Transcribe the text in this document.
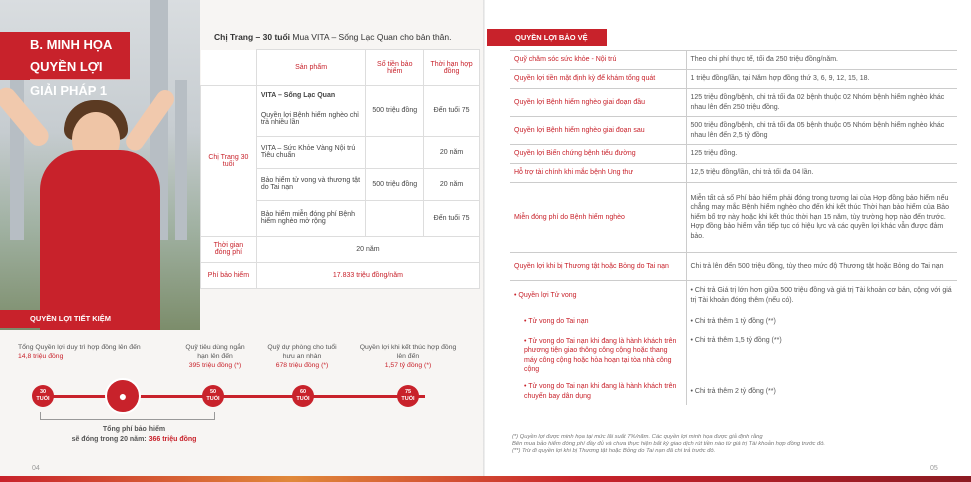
B. MINH HỌA QUYỀN LỢI
GIẢI PHÁP 1
Chị Trang – 30 tuổi Mua VITA – Sống Lạc Quan cho bản thân.
	Sản phẩm	Số tiền bảo hiểm	Thời hạn hợp đồng
Chị Trang 30 tuổi	VITA – Sống Lạc Quan	500 triệu đồng	Đến tuổi 75
	Quyền lợi Bệnh hiểm nghèo chỉ trả nhiều lần		
	VITA – Sức Khỏe Vàng Nội trú Tiêu chuẩn		20 năm
	Bảo hiểm tử vong và thương tật do Tai nạn	500 triệu đồng	20 năm
	Bảo hiểm miễn đóng phí Bệnh hiểm nghèo mở rộng		Đến tuổi 75
Thời gian đóng phí	20 năm		
Phí bảo hiểm	17.833 triệu đồng/năm		
QUYỀN LỢI TIẾT KIỆM
Tổng Quyền lợi duy trì hợp đồng lên đến
14,8 triệu đồng
Quỹ tiêu dùng ngắn hạn lên đến
395 triệu đồng (*)
Quỹ dự phòng cho tuổi hưu an nhàn
678 triệu đồng (*)
Quyền lợi khi kết thúc hợp đồng lên đến
1,57 tỷ đồng (*)
●
30
TUỔI
50
TUỔI
60
TUỔI
75
TUỔI
Tổng phí bảo hiểm
sẽ đóng trong 20 năm: 366 triệu đồng
04
QUYỀN LỢI BẢO VỆ
Quỹ chăm sóc sức khỏe - Nội trú	Theo chi phí thực tế, tối đa 250 triệu đồng/năm.
Quyền lợi tiền mặt định kỳ để khám tổng quát	1 triệu đồng/lần, tại Năm hợp đồng thứ 3, 6, 9, 12, 15, 18.
Quyền lợi Bệnh hiểm nghèo giai đoạn đầu	125 triệu đồng/bệnh, chi trả tối đa 02 bệnh thuộc 02 Nhóm bệnh hiểm nghèo khác nhau lên đến 250 triệu đồng.
Quyền lợi Bệnh hiểm nghèo giai đoạn sau	500 triệu đồng/bệnh, chi trả tối đa 05 bệnh thuộc 05 Nhóm bệnh hiểm nghèo khác nhau lên đến 2,5 tỷ đồng
Quyền lợi Biến chứng bệnh tiểu đường	125 triệu đồng.
Hỗ trợ tài chính khi mắc bệnh Ung thư	12,5 triệu đồng/lần, chi trả tối đa 04 lần.
Miễn đóng phí do Bệnh hiểm nghèo	Miễn tất cả số Phí bảo hiểm phải đóng trong tương lai của Hợp đồng bảo hiểm nếu chẳng may mắc Bệnh hiểm nghèo cho đến khi kết thúc Thời hạn bảo hiểm của Bảo hiểm bổ trợ này hoặc khi kết thúc thời hạn 15 năm, tùy trường hợp nào đến trước. Hợp đồng bảo hiểm vẫn tiếp tục có hiệu lực và các quyền lợi khác vẫn được đảm bảo.
Quyền lợi khi bị Thương tật hoặc Bỏng do Tai nạn	Chi trả lên đến 500 triệu đồng, tùy theo mức độ Thương tật hoặc Bỏng do Tai nạn
• Quyền lợi Tử vong	• Chi trả Giá trị lớn hơn giữa 500 triệu đồng và giá trị Tài khoản cơ bản, cộng với giá trị Tài khoản đóng thêm (nếu có).
• Tử vong do Tai nạn	• Chi trả thêm 1 tỷ đồng (**)
• Tử vong do Tai nạn khi đang là hành khách trên phương tiện giao thông công cộng hoặc thang máy công cộng hoặc hỏa hoạn tại tòa nhà công cộng	• Chi trả thêm 1,5 tỷ đồng (**)
• Tử vong do Tai nạn khi đang là hành khách trên chuyến bay dân dụng	• Chi trả thêm 2 tỷ đồng (**)
(*) Quyền lợi được minh họa tại mức lãi suất 7%/năm. Các quyền lợi minh họa được giả định rằng
Bên mua bảo hiểm đóng phí đầy đủ và chưa thực hiện bất kỳ giao dịch rút tiền nào từ giá trị Tài khoản hợp đồng trước đó.
(**) Trừ đi quyền lợi khi bị Thương tật hoặc Bỏng do Tai nạn đã chi trả trước đó.
05
